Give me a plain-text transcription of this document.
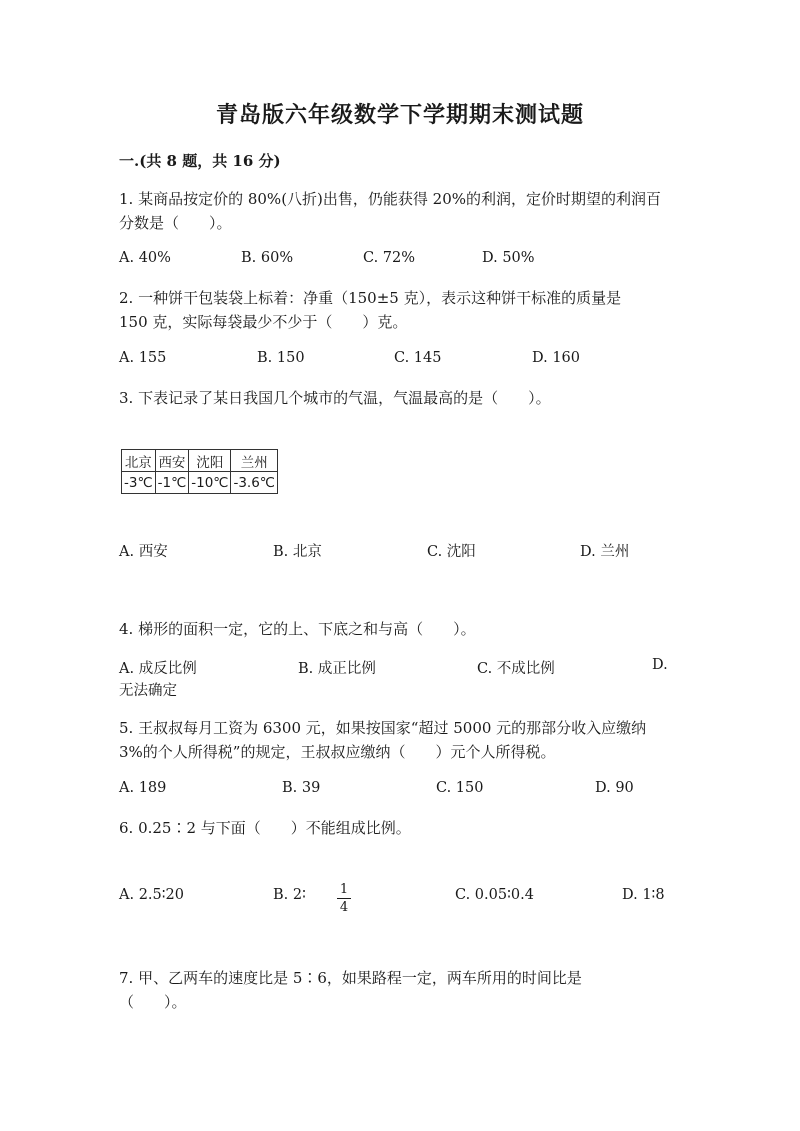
青岛版六年级数学下学期期末测试题
一.(共 8 题，共 16 分)
1. 某商品按定价的 80%(八折)出售，仍能获得 20%的利润，定价时期望的利润百
分数是（　　）。
A. 40%	B. 60%	C. 72%	D. 50%
2. 一种饼干包装袋上标着：净重（150±5 克），表示这种饼干标准的质量是
150 克，实际每袋最少不少于（　　）克。
A. 155	B. 150	C. 145	D. 160
3. 下表记录了某日我国几个城市的气温，气温最高的是（　　）。
北京	西安	沈阳	兰州
-3℃	-1℃	-10℃	-3.6℃
A. 西安	B. 北京	C. 沈阳	D. 兰州
4. 梯形的面积一定，它的上、下底之和与高（　　）。
A. 成反比例	B. 成正比例	C. 不成比例	D.
无法确定
5. 王叔叔每月工资为 6300 元，如果按国家“超过 5000 元的那部分收入应缴纳
3%的个人所得税”的规定，王叔叔应缴纳（　　）元个人所得税。
A. 189	B. 39	C. 150	D. 90
6. 0.25∶2 与下面（　　）不能组成比例。
A. 2.5∶20	B. 2∶	1
4
C. 0.05∶0.4	D. 1∶8
7. 甲、乙两车的速度比是 5∶6，如果路程一定，两车所用的时间比是
（　　）。
